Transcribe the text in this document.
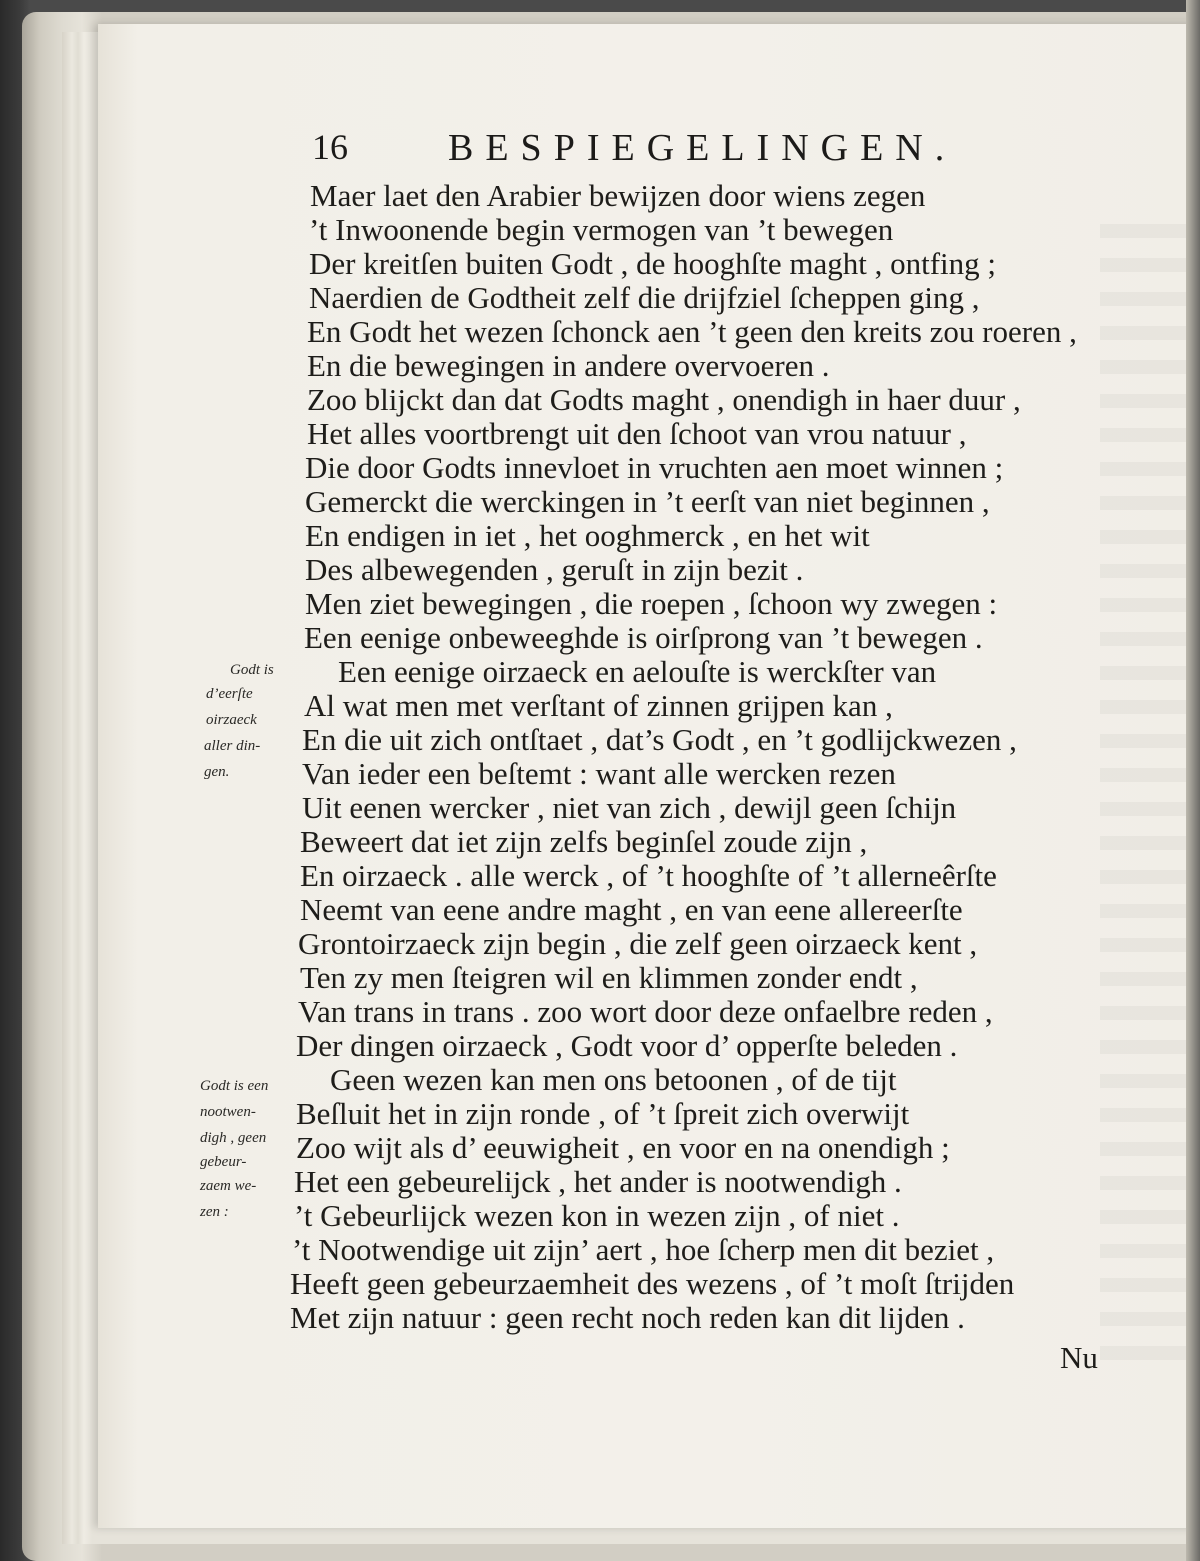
16	BESPIEGELINGEN.
Maer laet den Arabier bewijzen door wiens zegen
’t Inwoonende begin vermogen van ’t bewegen
Der kreitſen buiten Godt , de hooghſte maght , ontfing ;
Naerdien de Godtheit zelf die drijfziel ſcheppen ging ,
En Godt het wezen ſchonck aen ’t geen den kreits zou roeren ,
En die bewegingen in andere overvoeren .
Zoo blijckt dan dat Godts maght , onendigh in haer duur ,
Het alles voortbrengt uit den ſchoot van vrou natuur ,
Die door Godts innevloet in vruchten aen moet winnen ;
Gemerckt die werckingen in ’t eerſt van niet beginnen ,
En endigen in iet , het ooghmerck , en het wit
Des albewegenden , geruſt in zijn bezit .
Men ziet bewegingen , die roepen , ſchoon wy zwegen :
Een eenige onbeweeghde is oirſprong van ’t bewegen .
Een eenige oirzaeck en aelouſte is werckſter van
Al wat men met verſtant of zinnen grijpen kan ,
En die uit zich ontſtaet , dat’s Godt , en ’t godlijckwezen ,
Van ieder een beſtemt : want alle wercken rezen
Uit eenen wercker , niet van zich , dewijl geen ſchijn
Beweert dat iet zijn zelfs beginſel zoude zijn ,
En oirzaeck . alle werck , of ’t hooghſte of ’t allerneêrſte
Neemt van eene andre maght , en van eene allereerſte
Grontoirzaeck zijn begin , die zelf geen oirzaeck kent ,
Ten zy men ſteigren wil en klimmen zonder endt ,
Van trans in trans . zoo wort door deze onfaelbre reden ,
Der dingen oirzaeck , Godt voor d’ opperſte beleden .
Geen wezen kan men ons betoonen , of de tijt
Beſluit het in zijn ronde , of ’t ſpreit zich overwijt
Zoo wijt als d’ eeuwigheit , en voor en na onendigh ;
Het een gebeurelijck , het ander is nootwendigh .
’t Gebeurlijck wezen kon in wezen zijn , of niet .
’t Nootwendige uit zijn’ aert , hoe ſcherp men dit beziet ,
Heeft geen gebeurzaemheit des wezens , of ’t moſt ſtrijden
Met zijn natuur : geen recht noch reden kan dit lijden .
Godt is
d’eerſte
oirzaeck
aller din-
gen.
Godt is een
nootwen-
digh , geen
gebeur-
zaem we-
zen :
Nu
